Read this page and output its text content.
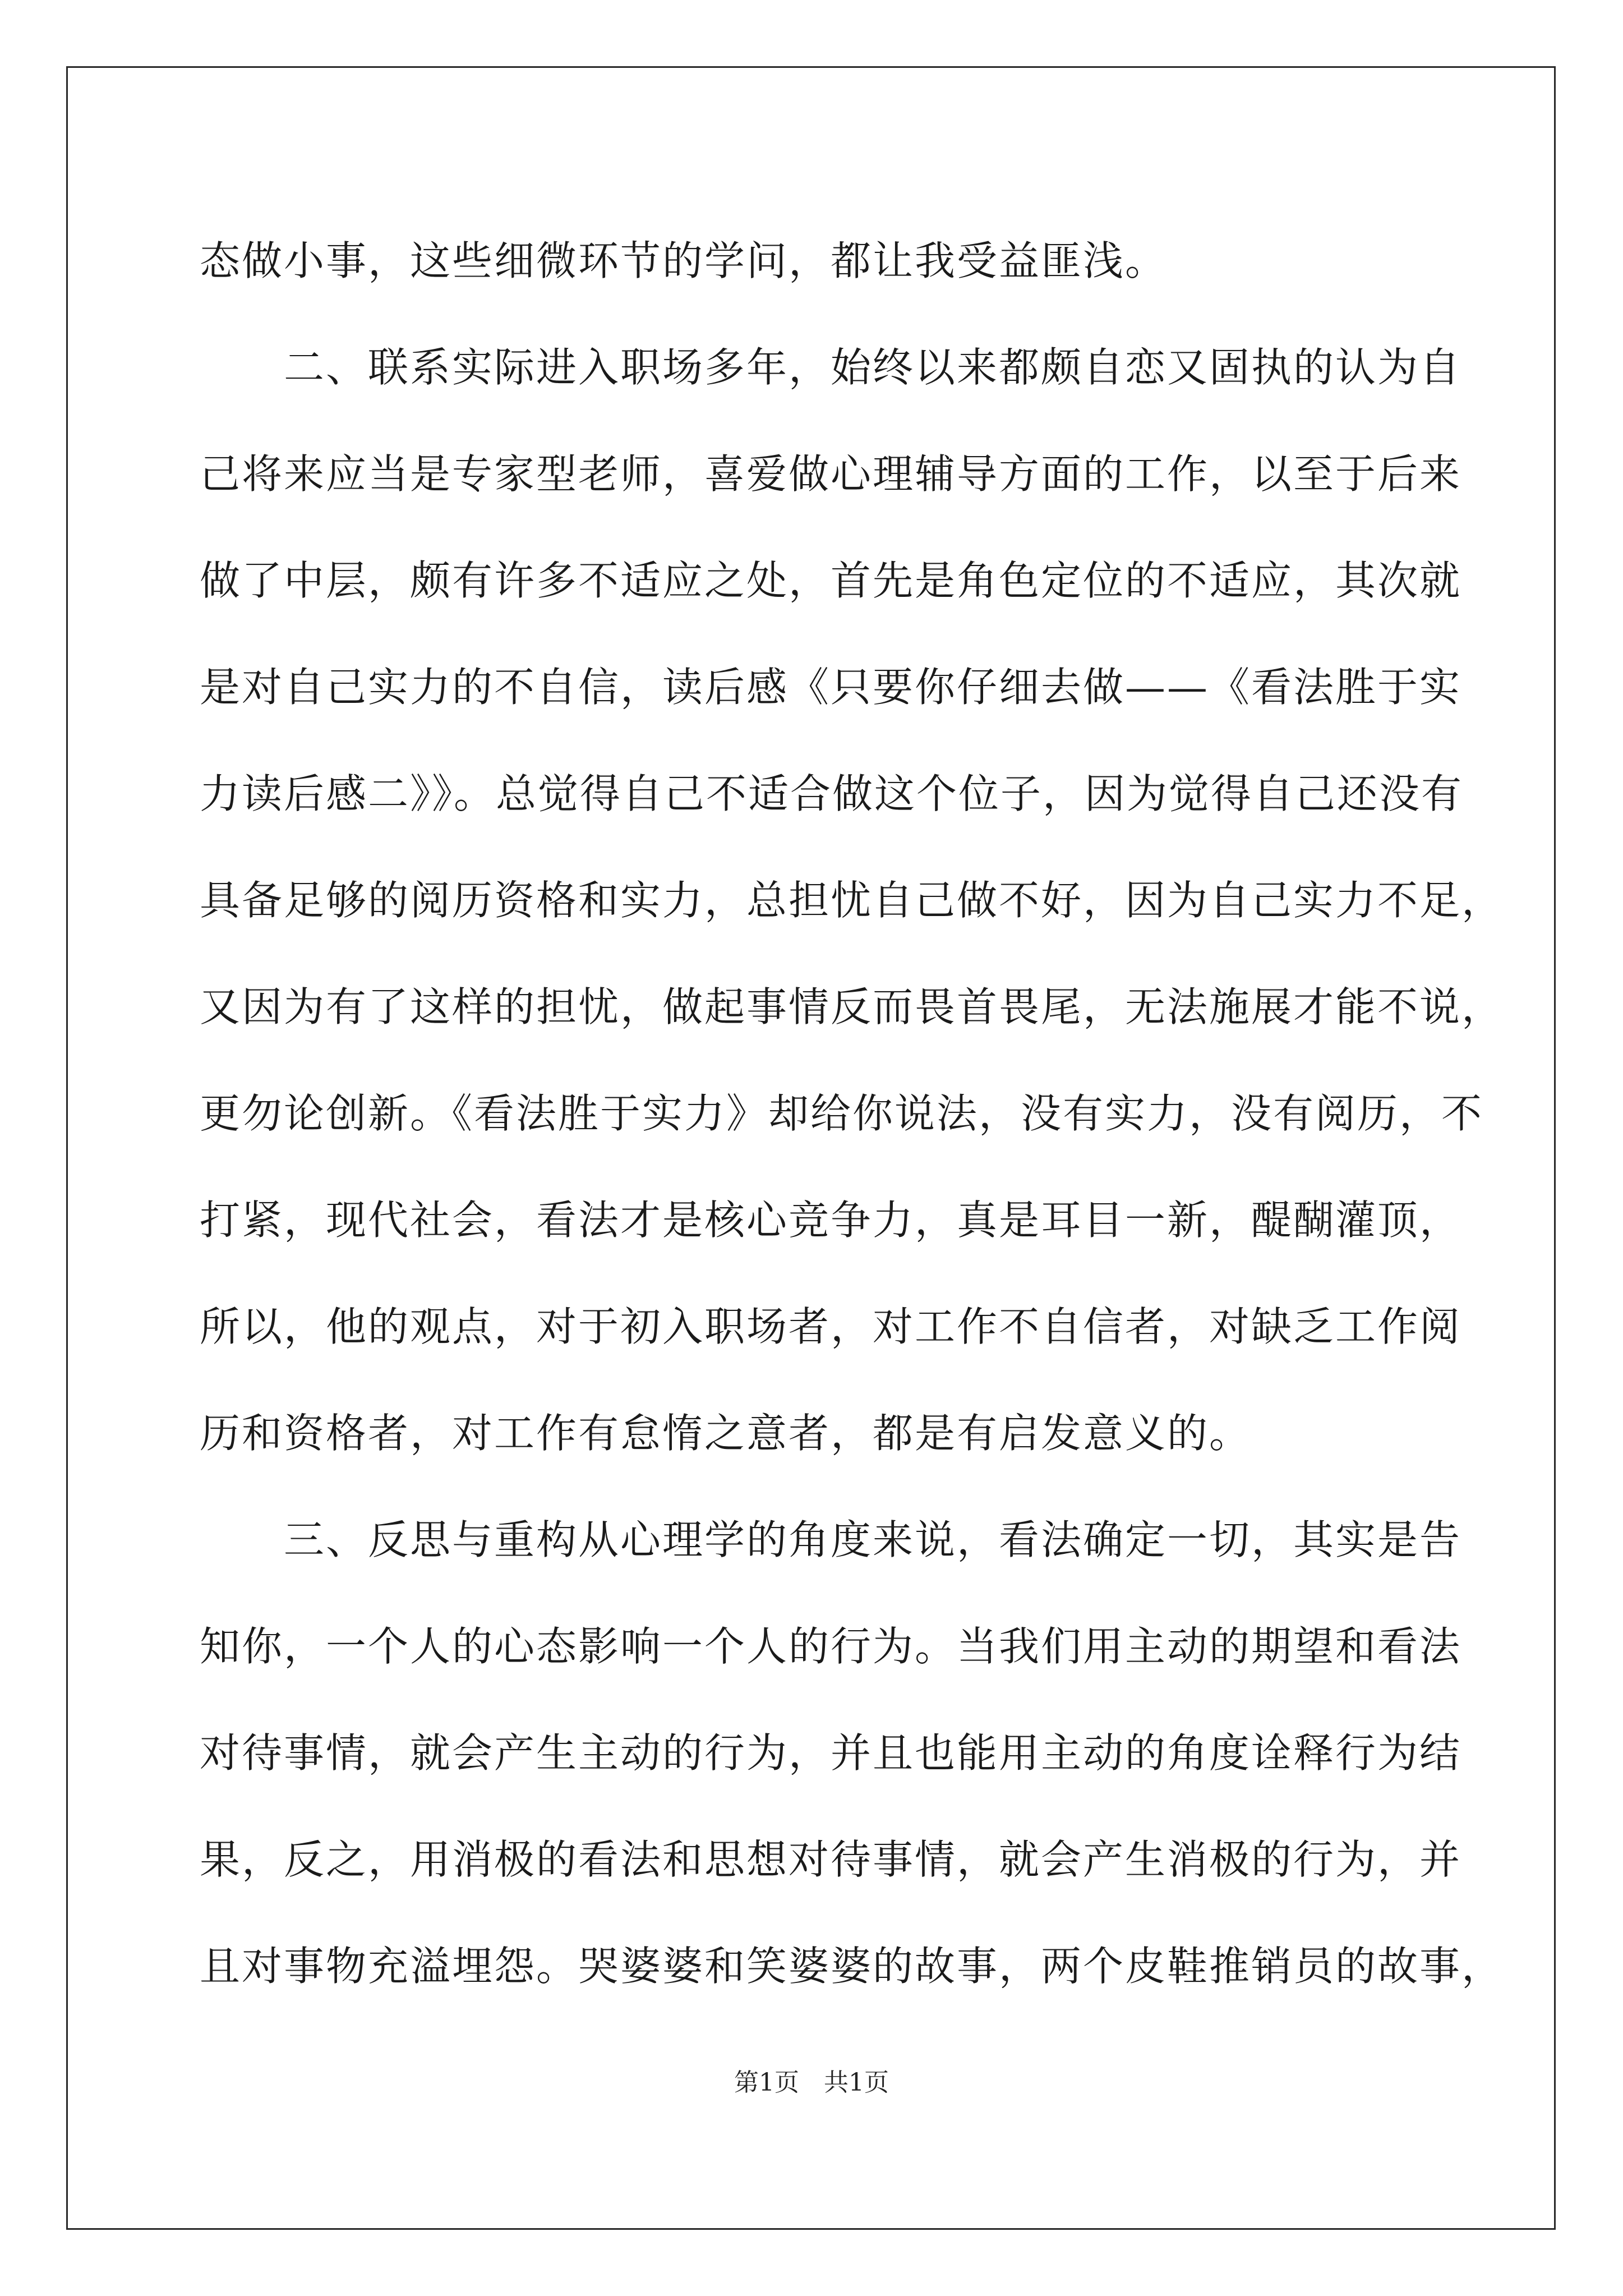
态做小事，这些细微环节的学问，都让我受益匪浅。
　　二、联系实际进入职场多年，始终以来都颇自恋又固执的认为自
己将来应当是专家型老师，喜爱做心理辅导方面的工作，以至于后来
做了中层，颇有许多不适应之处，首先是角色定位的不适应，其次就
是对自己实力的不自信，读后感《只要你仔细去做——《看法胜于实
力读后感二》》。总觉得自己不适合做这个位子，因为觉得自己还没有
具备足够的阅历资格和实力，总担忧自己做不好，因为自己实力不足，
又因为有了这样的担忧，做起事情反而畏首畏尾，无法施展才能不说，
更勿论创新。《看法胜于实力》却给你说法，没有实力，没有阅历，不
打紧，现代社会，看法才是核心竞争力，真是耳目一新，醍醐灌顶，
所以，他的观点，对于初入职场者，对工作不自信者，对缺乏工作阅
历和资格者，对工作有怠惰之意者，都是有启发意义的。
　　三、反思与重构从心理学的角度来说，看法确定一切，其实是告
知你，一个人的心态影响一个人的行为。当我们用主动的期望和看法
对待事情，就会产生主动的行为，并且也能用主动的角度诠释行为结
果，反之，用消极的看法和思想对待事情，就会产生消极的行为，并
且对事物充溢埋怨。哭婆婆和笑婆婆的故事，两个皮鞋推销员的故事，
第1页　共1页
